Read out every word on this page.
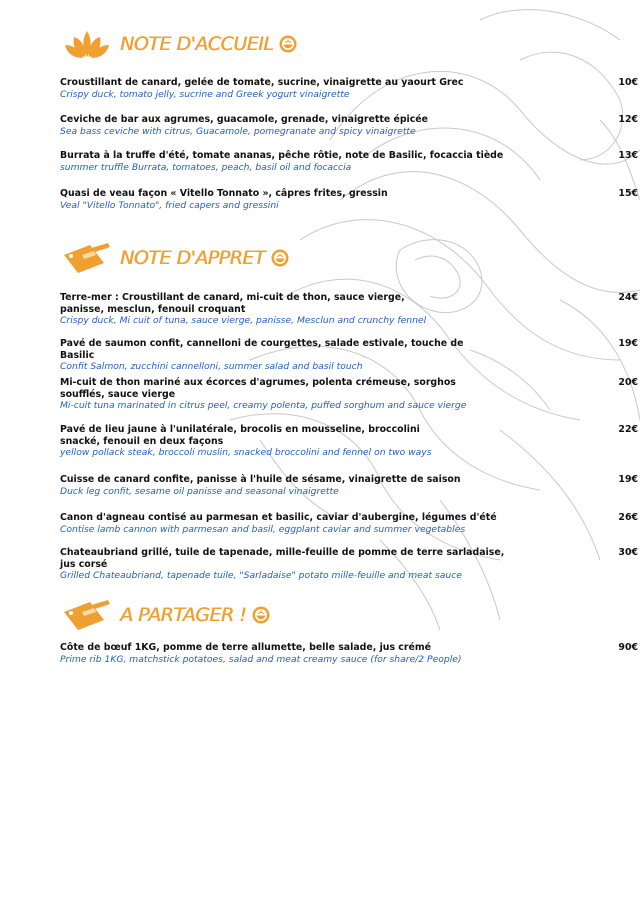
NOTE D'ACCUEIL
Croustillant de canard, gelée de tomate, sucrine, vinaigrette au yaourt Grec
Crispy duck, tomato jelly, sucrine and Greek yogurt vinaigrette
10€
Ceviche de bar aux agrumes, guacamole, grenade, vinaigrette épicée
Sea bass ceviche with citrus, Guacamole, pomegranate and spicy vinaigrette
12€
Burrata à la truffe d'été, tomate ananas, pêche rôtie, note de Basilic, focaccia tiède
summer truffle Burrata, tomatoes, peach, basil oil and focaccia
13€
Quasi de veau façon « Vitello Tonnato », câpres frites, gressin
Veal "Vitello Tonnato", fried capers and gressini
15€
NOTE D'APPRET
Terre-mer : Croustillant de canard, mi-cuit de thon, sauce vierge, panisse, mesclun, fenouil croquant
Crispy duck, Mi cuit of tuna, sauce vierge, panisse, Mesclun and crunchy fennel
24€
Pavé de saumon confit, cannelloni de courgettes, salade estivale, touche de Basilic
Confit Salmon, zucchini cannelloni, summer salad and basil touch
19€
Mi-cuit de thon mariné aux écorces d'agrumes, polenta crémeuse, sorghos soufflés, sauce vierge
Mi-cuit tuna marinated in citrus peel, creamy polenta, puffed sorghum and sauce vierge
20€
Pavé de lieu jaune à l'unilatérale, brocolis en mousseline, broccolini snacké, fenouil en deux façons
yellow pollack steak, broccoli muslin, snacked broccolini and fennel on two ways
22€
Cuisse de canard confite, panisse à l'huile de sésame, vinaigrette de saison
Duck leg confit, sesame oil panisse and seasonal vinaigrette
19€
Canon d'agneau contisé au parmesan et basilic, caviar d'aubergine, légumes d'été
Contise lamb cannon with parmesan and basil, eggplant caviar and summer vegetables
26€
Chateaubriand grillé, tuile de tapenade, mille-feuille de pomme de terre sarladaise, jus corsé
Grilled Chateaubriand, tapenade tuile, "Sarladaise" potato mille-feuille and meat sauce
30€
A PARTAGER !
Côte de bœuf 1KG, pomme de terre allumette, belle salade, jus crémé
Prime rib 1KG, matchstick potatoes, salad and meat creamy sauce (for share/2 People)
90€
